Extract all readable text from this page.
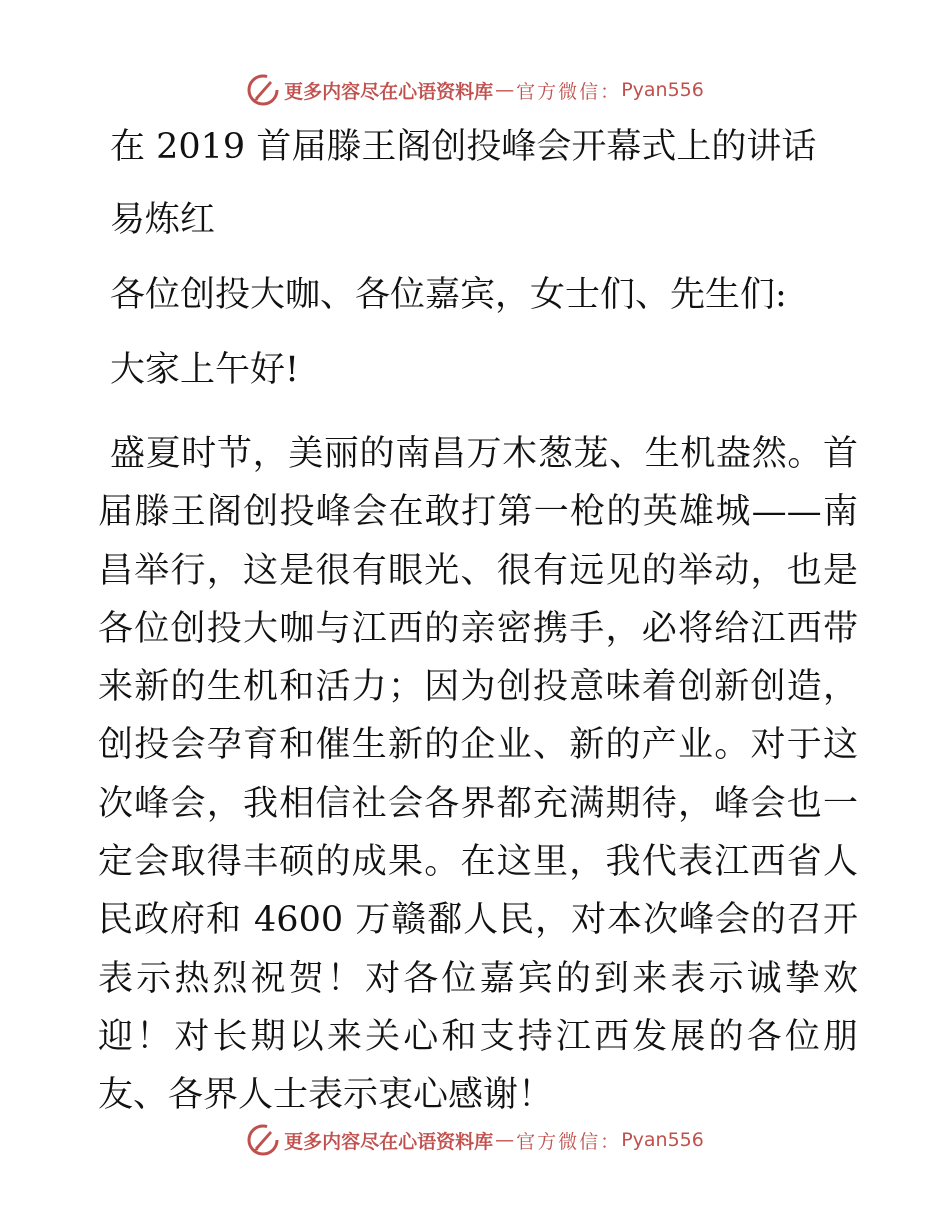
更多内容尽在心语资料库 — 官方微信： Pyan556
在 2019 首届滕王阁创投峰会开幕式上的讲话
易炼红
各位创投大咖、各位嘉宾，女士们、先生们:
大家上午好!
盛夏时节，美丽的南昌万木葱茏、生机盎然。首届滕王阁创投峰会在敢打第一枪的英雄城——南昌举行，这是很有眼光、很有远见的举动，也是各位创投大咖与江西的亲密携手，必将给江西带来新的生机和活力；因为创投意味着创新创造，创投会孕育和催生新的企业、新的产业。对于这次峰会，我相信社会各界都充满期待，峰会也一定会取得丰硕的成果。在这里，我代表江西省人民政府和 4600 万赣鄱人民，对本次峰会的召开表示热烈祝贺！对各位嘉宾的到来表示诚挚欢迎！对长期以来关心和支持江西发展的各位朋友、各界人士表示衷心感谢！
更多内容尽在心语资料库 — 官方微信： Pyan556
